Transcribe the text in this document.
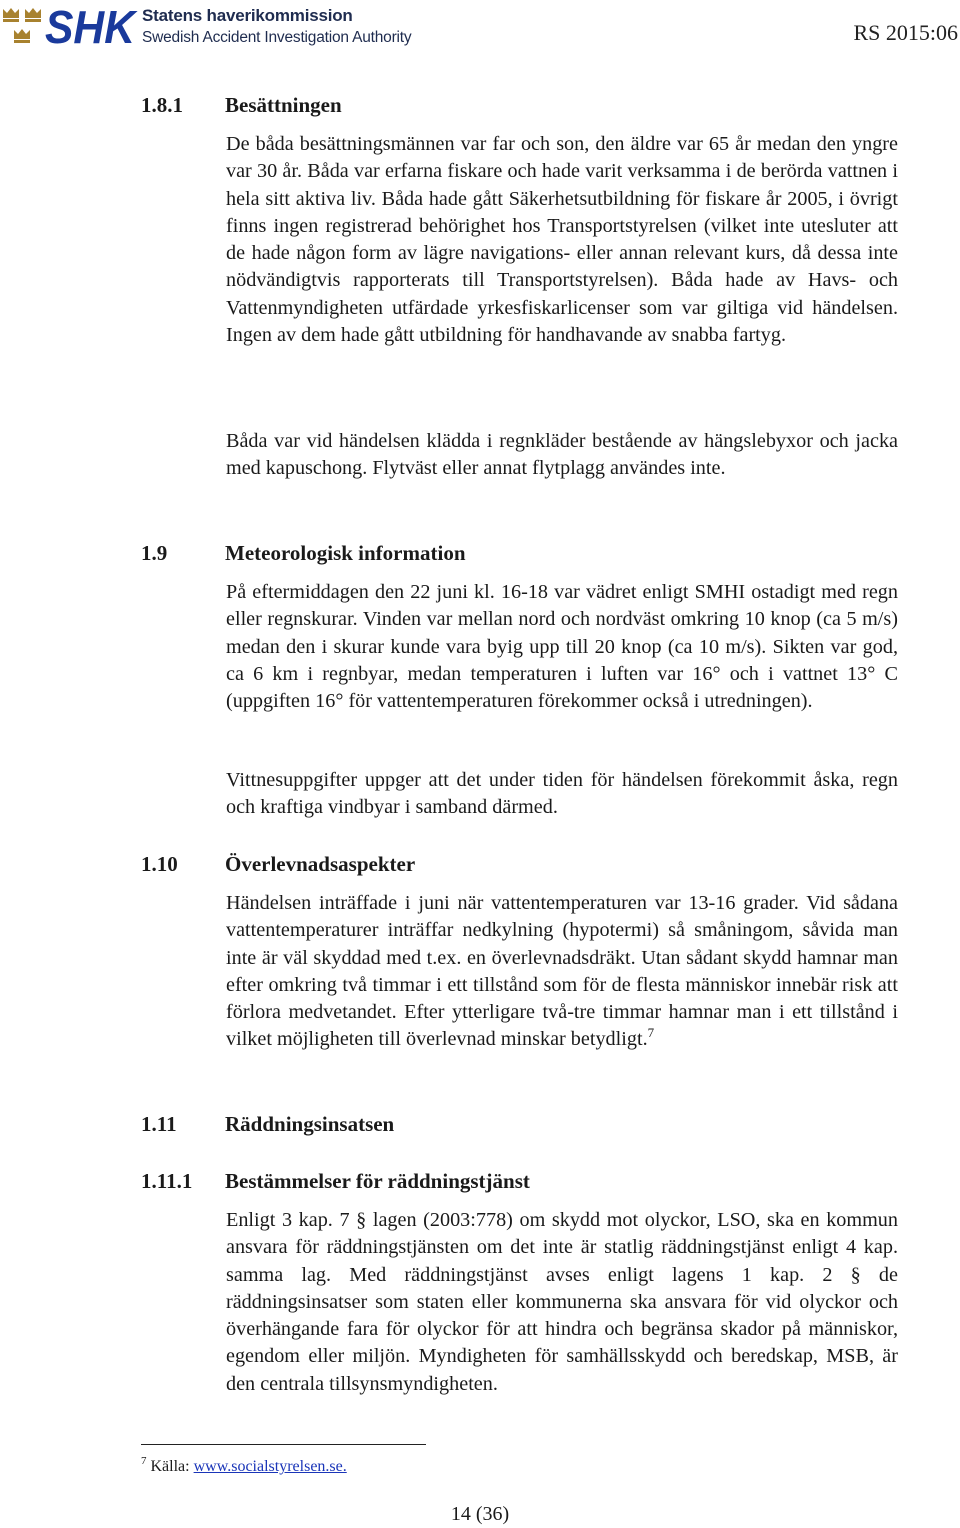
SHK Statens haverikommission

Swedish Accident Investigation Authority	RS 2015:06
1.8.1 Besättningen

De båda besättningsmännen var far och son, den äldre var 65 år medan den yngre var 30 år. Båda var erfarna fiskare och hade varit verksamma i de berörda vattnen i hela sitt aktiva liv. Båda hade gått Säkerhetsutbildning för fiskare år 2005, i övrigt finns ingen registrerad behörighet hos Transportstyrelsen (vilket inte utesluter att de hade någon form av lägre navigations- eller annan relevant kurs, då dessa inte nödvändigtvis rapporterats till Transportstyrelsen). Båda hade av Havs- och Vattenmyndigheten utfärdade yrkesfiskarlicenser som var giltiga vid händelsen. Ingen av dem hade gått utbildning för handhavande av snabba fartyg.

Båda var vid händelsen klädda i regnkläder bestående av hängslebyxor och jacka med kapuschong. Flytväst eller annat flytplagg användes inte.

1.9	Meteorologisk information

På eftermiddagen den 22 juni kl. 16-18 var vädret enligt SMHI ostadigt med regn eller regnskurar. Vinden var mellan nord och nordväst omkring 10 knop (ca 5 m/s) medan den i skurar kunde vara byig upp till 20 knop (ca 10 m/s). Sikten var god, ca 6 km i regnbyar, medan temperaturen i luften var 16° och i vattnet 13° C (uppgiften 16° för vattentemperaturen förekommer också i utredningen).

Vittnesuppgifter uppger att det under tiden för händelsen förekommit åska, regn och kraftiga vindbyar i samband därmed.

1.10 Överlevnadsaspekter

Händelsen inträffade i juni när vattentemperaturen var 13-16 grader. Vid sådana vattentemperaturer inträffar nedkylning (hypotermi) så småningom, såvida man inte är väl skyddad med t.ex. en överlevnadsdräkt. Utan sådant skydd hamnar man efter omkring två timmar i ett tillstånd som för de flesta människor innebär risk att förlora medvetandet. Efter ytterligare två-tre timmar hamnar man i ett tillstånd i vilket möjligheten till överlevnad minskar betydligt.$^7$

1.11 Räddningsinsatsen
1.11.1 Bestämmelser för räddningstjänst

Enligt 3 kap. 7 § lagen (2003:778) om skydd mot olyckor, LSO, ska en kommun ansvara för räddningstjänsten om det inte är statlig räddningstjänst enligt 4 kap. samma lag. Med räddningstjänst avses enligt lagens 1 kap. 2 § de räddningsinsatser som staten eller kommunerna ska ansvara för vid olyckor och överhängande fara för olyckor för att hindra och begränsa skador på människor, egendom eller miljön. Myndigheten för samhällsskydd och beredskap, MSB, är den centrala tillsynsmyndigheten.

$^7$ Källa: www.socialstyrelsen.se.

14 (36)
